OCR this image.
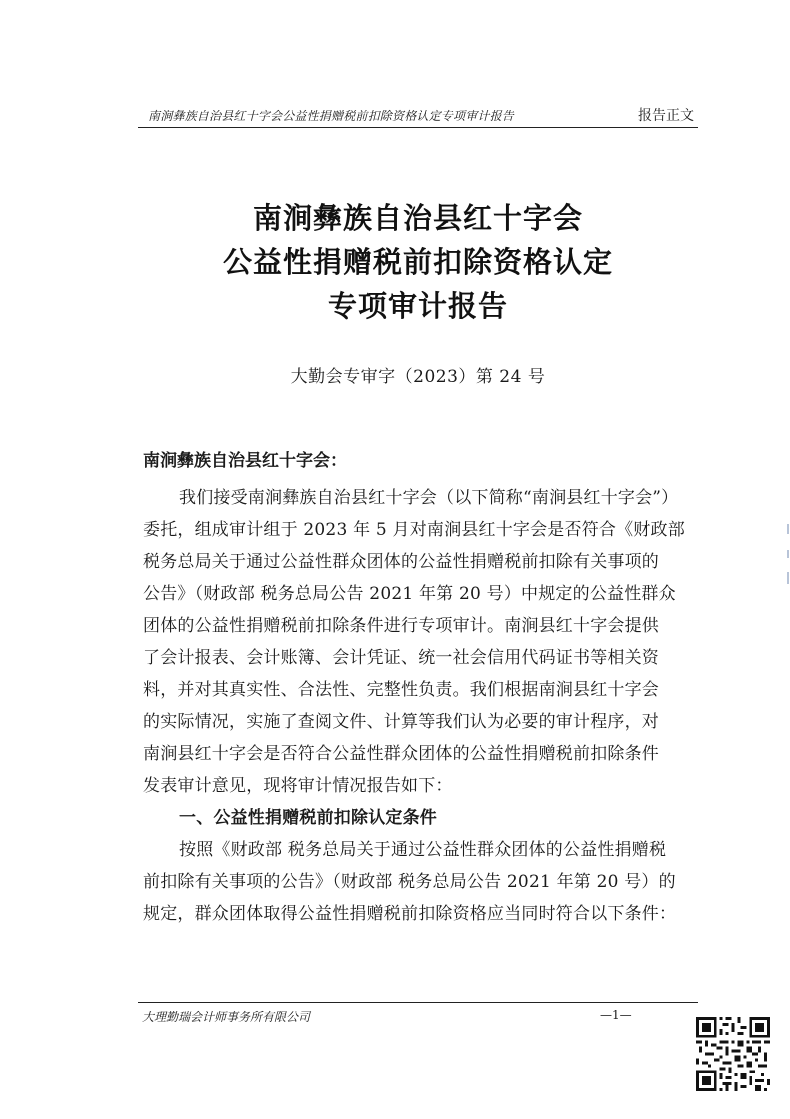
南涧彝族自治县红十字会公益性捐赠税前扣除资格认定专项审计报告	报告正文
南涧彝族自治县红十字会
公益性捐赠税前扣除资格认定
专项审计报告
大勤会专审字（2023）第 24 号
南涧彝族自治县红十字会：
我们接受南涧彝族自治县红十字会（以下简称“南涧县红十字会”）
委托，组成审计组于 2023 年 5 月对南涧县红十字会是否符合《财政部
税务总局关于通过公益性群众团体的公益性捐赠税前扣除有关事项的
公告》（财政部 税务总局公告 2021 年第 20 号）中规定的公益性群众
团体的公益性捐赠税前扣除条件进行专项审计。南涧县红十字会提供
了会计报表、会计账簿、会计凭证、统一社会信用代码证书等相关资
料，并对其真实性、合法性、完整性负责。我们根据南涧县红十字会
的实际情况，实施了查阅文件、计算等我们认为必要的审计程序，对
南涧县红十字会是否符合公益性群众团体的公益性捐赠税前扣除条件
发表审计意见，现将审计情况报告如下：
一、公益性捐赠税前扣除认定条件
按照《财政部 税务总局关于通过公益性群众团体的公益性捐赠税
前扣除有关事项的公告》（财政部 税务总局公告 2021 年第 20 号）的
规定，群众团体取得公益性捐赠税前扣除资格应当同时符合以下条件：
大理勤瑞会计师事务所有限公司	—1—
